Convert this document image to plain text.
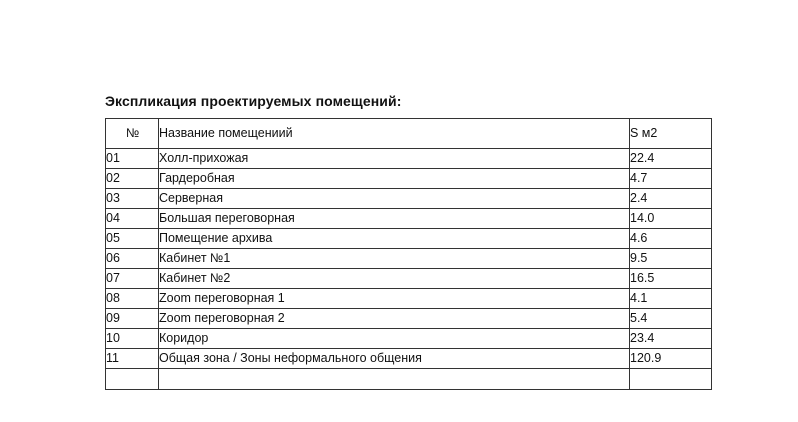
Экспликация проектируемых помещений:
№	Название помещениий	S м2
01	Холл-прихожая	22.4
02	Гардеробная	4.7
03	Серверная	2.4
04	Большая переговорная	14.0
05	Помещение архива	4.6
06	Кабинет №1	9.5
07	Кабинет №2	16.5
08	Zoom переговорная 1	4.1
09	Zoom переговорная 2	5.4
10	Коридор	23.4
11	Общая зона / Зоны неформального общения	120.9
